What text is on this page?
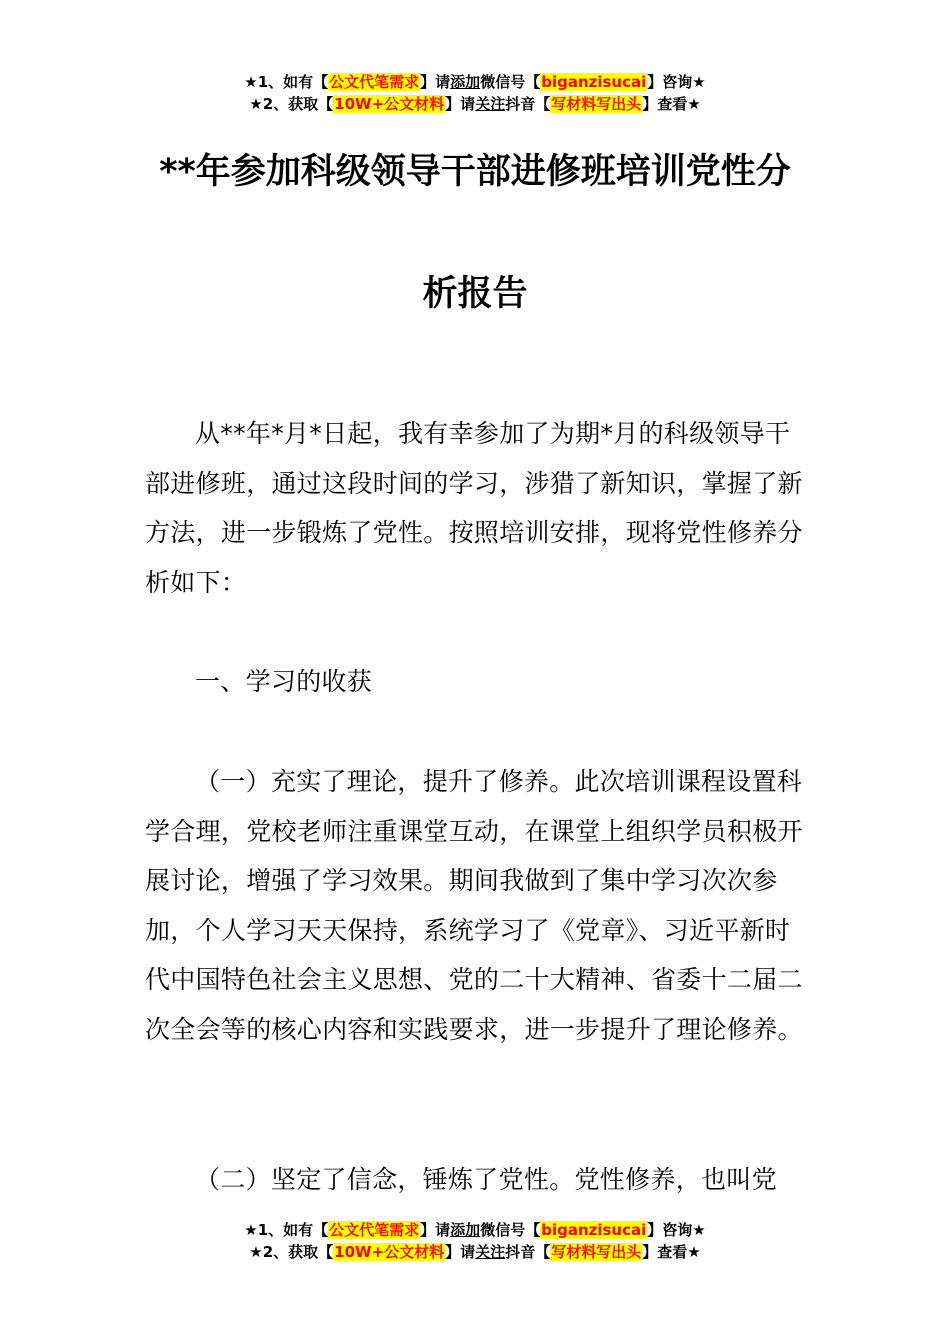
★1、如有【公文代笔需求】请添加微信号【biganzisucai】咨询★
★2、获取【10W+公文材料】请关注抖音【写材料写出头】查看★
**年参加科级领导干部进修班培训党性分
析报告
从**年*月*日起，我有幸参加了为期*月的科级领导干部进修班，通过这段时间的学习，涉猎了新知识，掌握了新方法，进一步锻炼了党性。按照培训安排，现将党性修养分析如下：
一、学习的收获
（一）充实了理论，提升了修养。此次培训课程设置科学合理，党校老师注重课堂互动，在课堂上组织学员积极开展讨论，增强了学习效果。期间我做到了集中学习次次参加，个人学习天天保持，系统学习了《党章》、习近平新时代中国特色社会主义思想、党的二十大精神、省委十二届二次全会等的核心内容和实践要求，进一步提升了理论修养。
（二）坚定了信念，锤炼了党性。党性修养，也叫党
★1、如有【公文代笔需求】请添加微信号【biganzisucai】咨询★
★2、获取【10W+公文材料】请关注抖音【写材料写出头】查看★
